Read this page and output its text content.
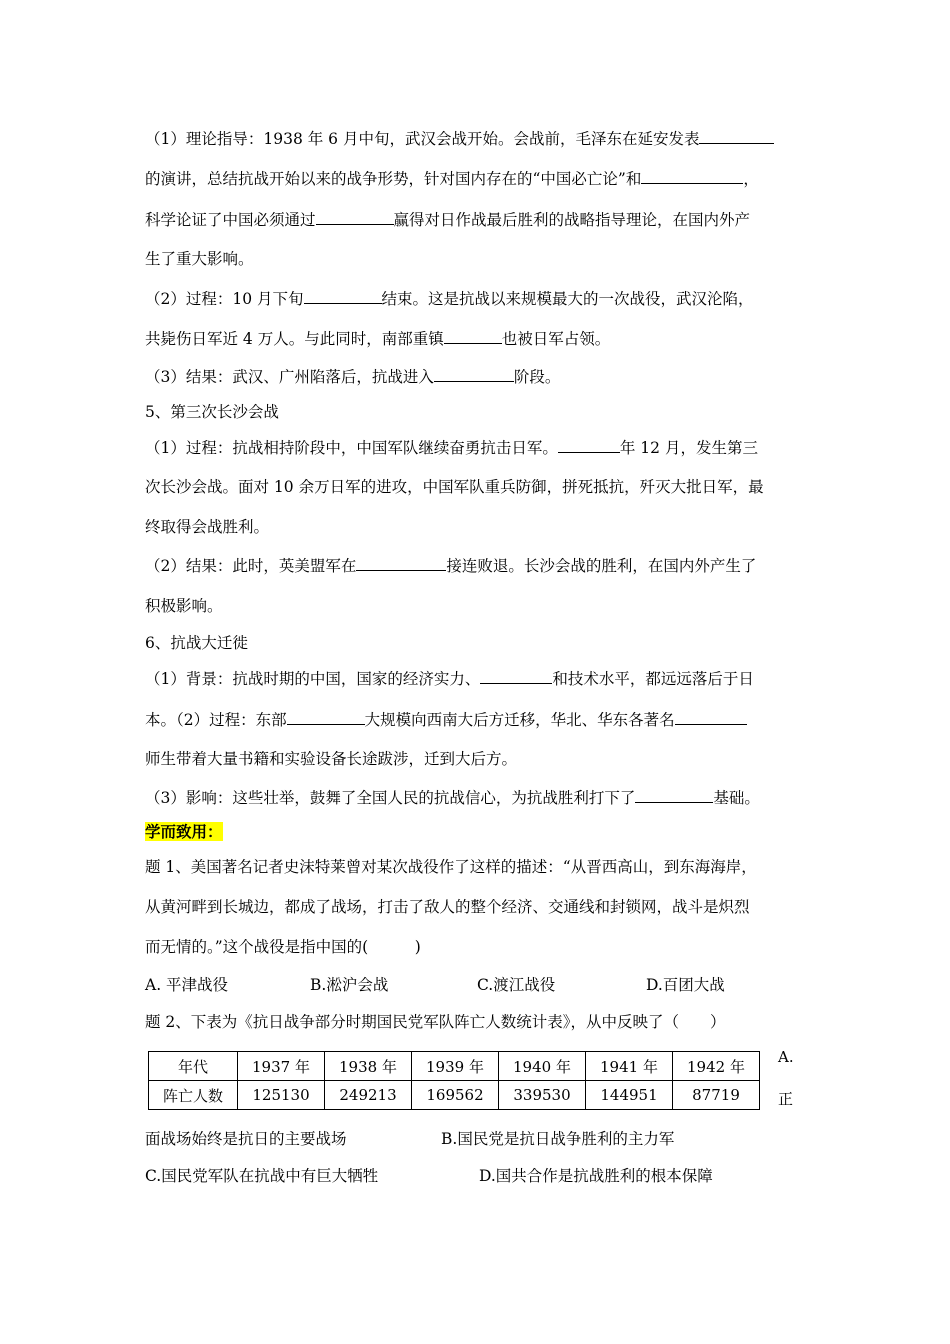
（1）理论指导：1938 年 6 月中旬，武汉会战开始。会战前，毛泽东在延安发表
的演讲，总结抗战开始以来的战争形势，针对国内存在的“中国必亡论”和	，
科学论证了中国必须通过	赢得对日作战最后胜利的战略指导理论，在国内外产
生了重大影响。
（2）过程：10 月下旬	结束。这是抗战以来规模最大的一次战役，武汉沦陷，
共毙伤日军近 4 万人。与此同时，南部重镇	也被日军占领。
（3）结果：武汉、广州陷落后，抗战进入	阶段。
5、第三次长沙会战
（1）过程：抗战相持阶段中，中国军队继续奋勇抗击日军。	年 12 月，发生第三
次长沙会战。面对 10 余万日军的进攻，中国军队重兵防御，拼死抵抗，歼灭大批日军，最
终取得会战胜利。
（2）结果：此时，英美盟军在	接连败退。长沙会战的胜利，在国内外产生了
积极影响。
6、抗战大迁徙
（1）背景：抗战时期的中国，国家的经济实力、	和技术水平，都远远落后于日
本。（2）过程：东部	大规模向西南大后方迁移，华北、华东各著名
师生带着大量书籍和实验设备长途跋涉，迁到大后方。
（3）影响：这些壮举，鼓舞了全国人民的抗战信心，为抗战胜利打下了	基础。
学而致用：
题 1、美国著名记者史沫特莱曾对某次战役作了这样的描述：“从晋西高山，到东海海岸，
从黄河畔到长城边，都成了战场，打击了敌人的整个经济、交通线和封锁网，战斗是炽烈
而无情的。”这个战役是指中国的(　　　)
A. 平津战役	B.淞沪会战	C.渡江战役	D.百团大战
题 2、下表为《抗日战争部分时期国民党军队阵亡人数统计表》，从中反映了（　　）
年代	1937 年	1938 年	1939 年	1940 年	1941 年	1942 年
阵亡人数	125130	249213	169562	339530	144951	87719
A.
正
面战场始终是抗日的主要战场	B.国民党是抗日战争胜利的主力军
C.国民党军队在抗战中有巨大牺牲	D.国共合作是抗战胜利的根本保障
